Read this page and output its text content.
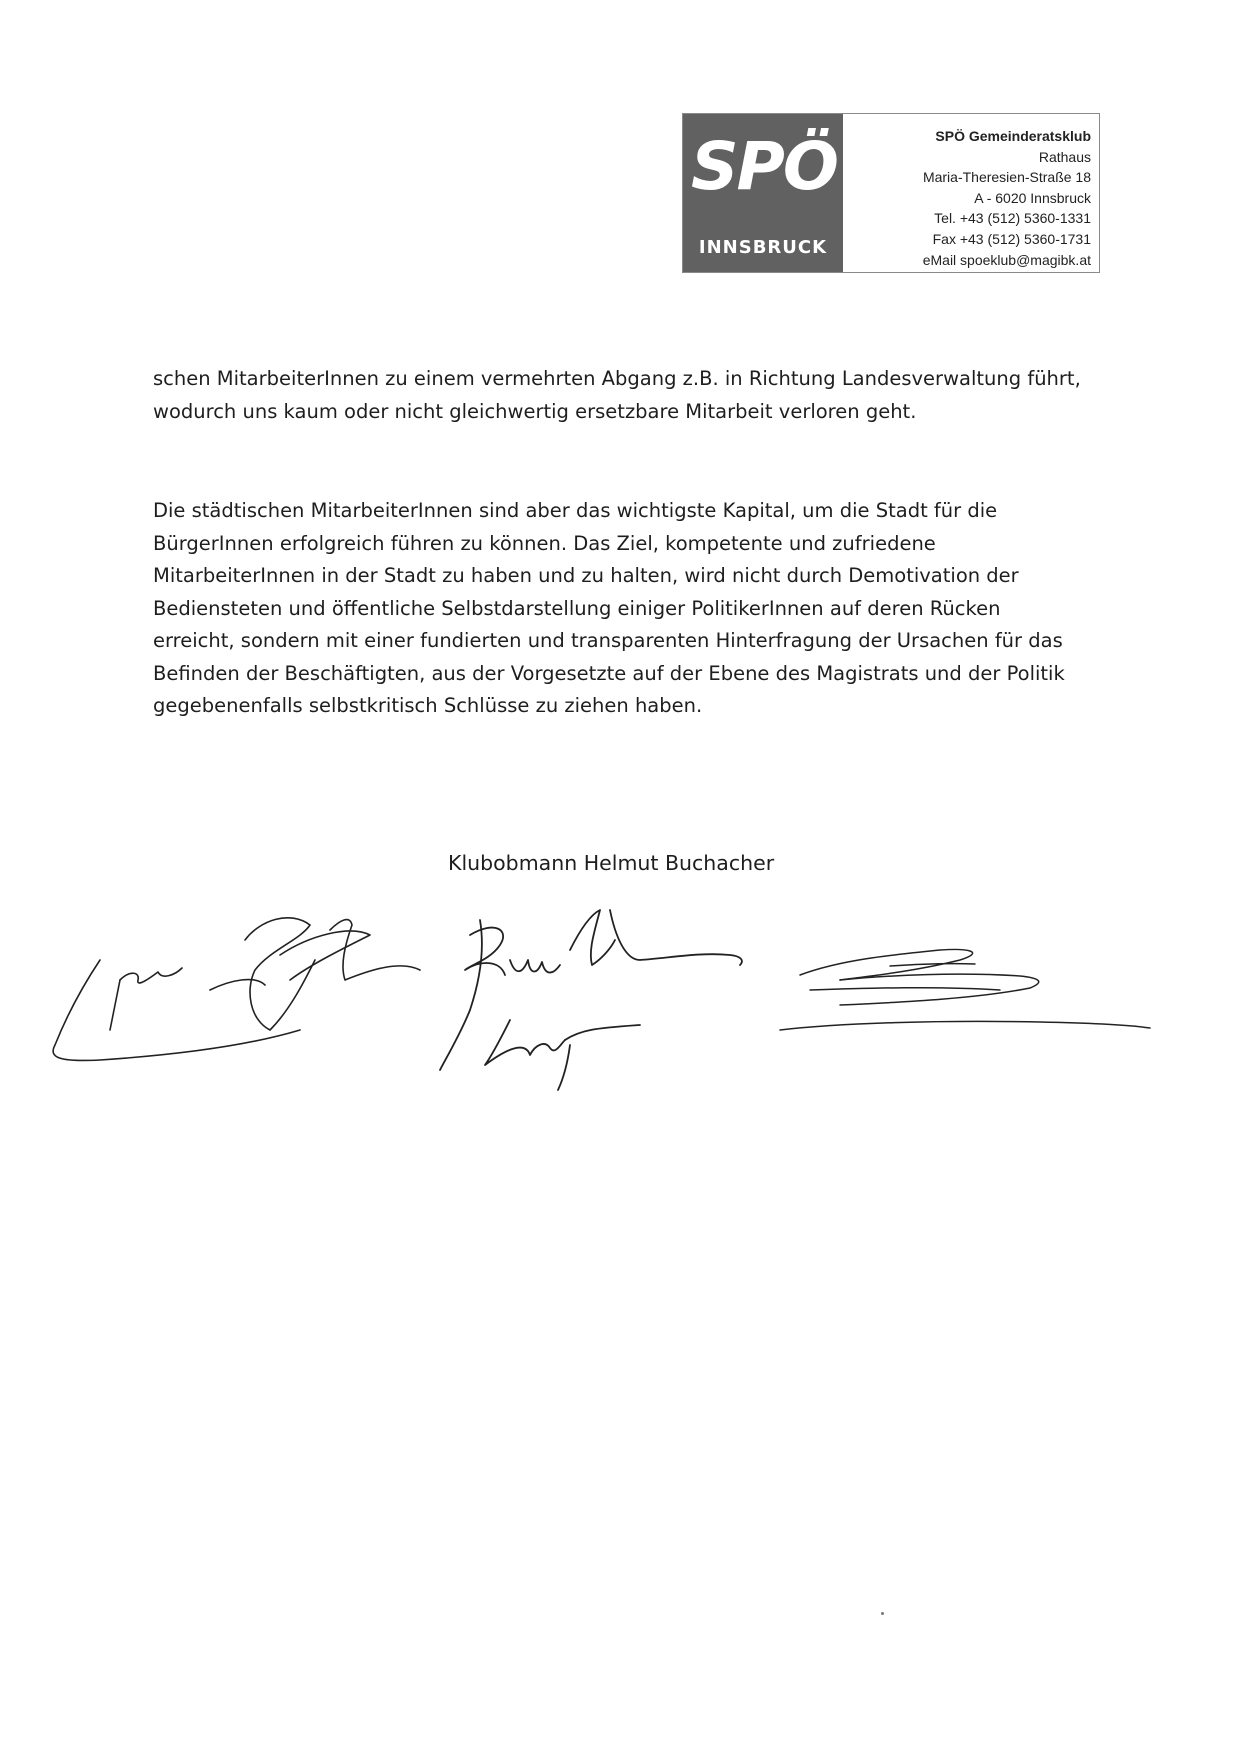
SPÖ
INNSBRUCK
SPÖ Gemeinderatsklub
Rathaus
Maria-Theresien-Straße 18
A - 6020 Innsbruck
Tel. +43 (512) 5360-1331
Fax +43 (512) 5360-1731
eMail spoeklub@magibk.at

schen MitarbeiterInnen zu einem vermehrten Abgang z.B. in Richtung Landesverwaltung führt, wodurch uns kaum oder nicht gleichwertig ersetzbare Mitarbeit verloren geht.

Die städtischen MitarbeiterInnen sind aber das wichtigste Kapital, um die Stadt für die BürgerInnen erfolgreich führen zu können. Das Ziel, kompetente und zufriedene MitarbeiterInnen in der Stadt zu haben und zu halten, wird nicht durch Demotivation der Bediensteten und öffentliche Selbstdarstellung einiger PolitikerInnen auf deren Rücken erreicht, sondern mit einer fundierten und transparenten Hinterfragung der Ursachen für das Befinden der Beschäftigten, aus der Vorgesetzte auf der Ebene des Magistrats und der Politik gegebenenfalls selbstkritisch Schlüsse zu ziehen haben.

Klubobmann Helmut Buchacher
